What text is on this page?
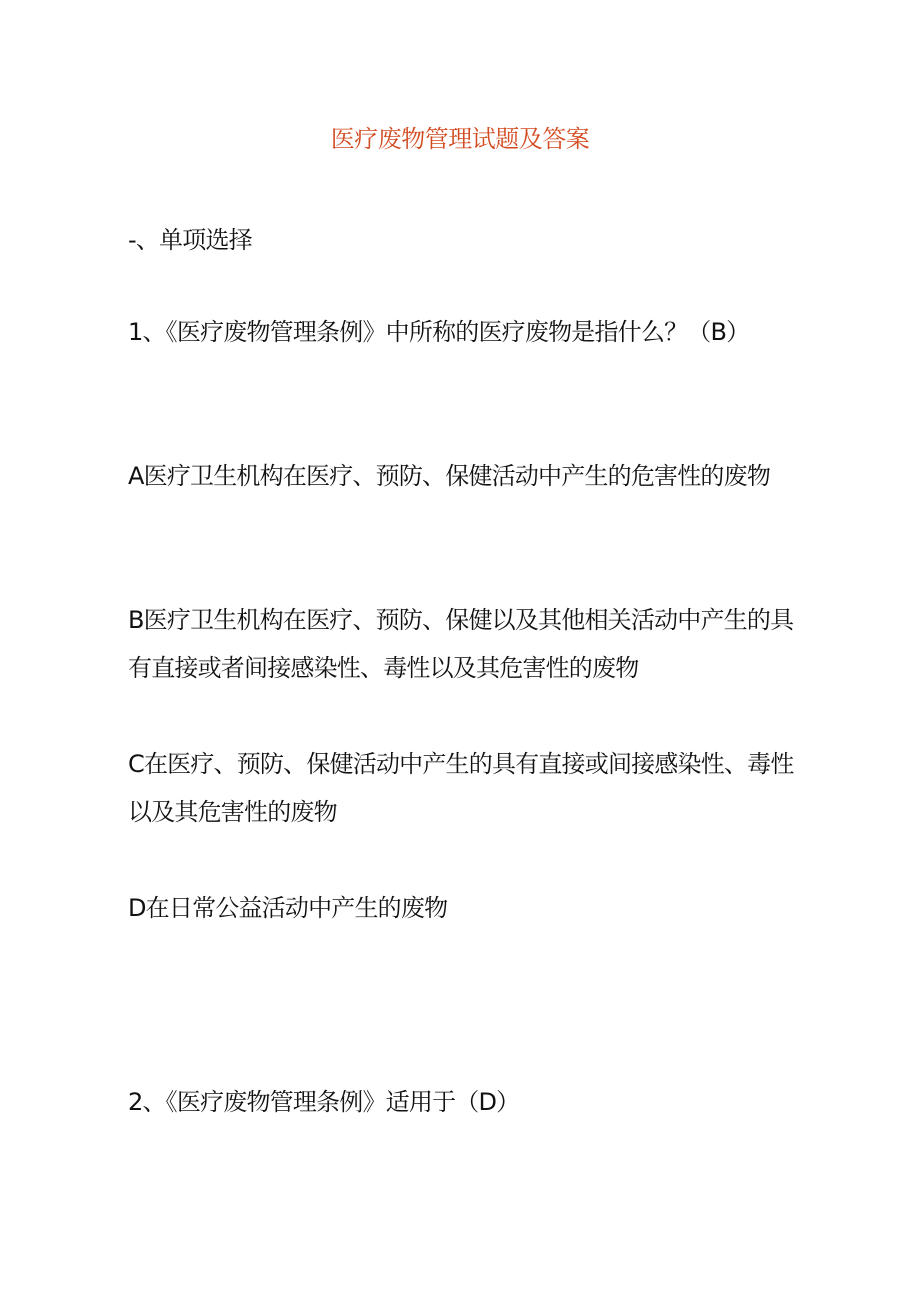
医疗废物管理试题及答案
-、单项选择
1、《医疗废物管理条例》中所称的医疗废物是指什么？（B）
A医疗卫生机构在医疗、预防、保健活动中产生的危害性的废物
B医疗卫生机构在医疗、预防、保健以及其他相关活动中产生的具有直接或者间接感染性、毒性以及其危害性的废物
C在医疗、预防、保健活动中产生的具有直接或间接感染性、毒性以及其危害性的废物
D在日常公益活动中产生的废物
2、《医疗废物管理条例》适用于（D）
